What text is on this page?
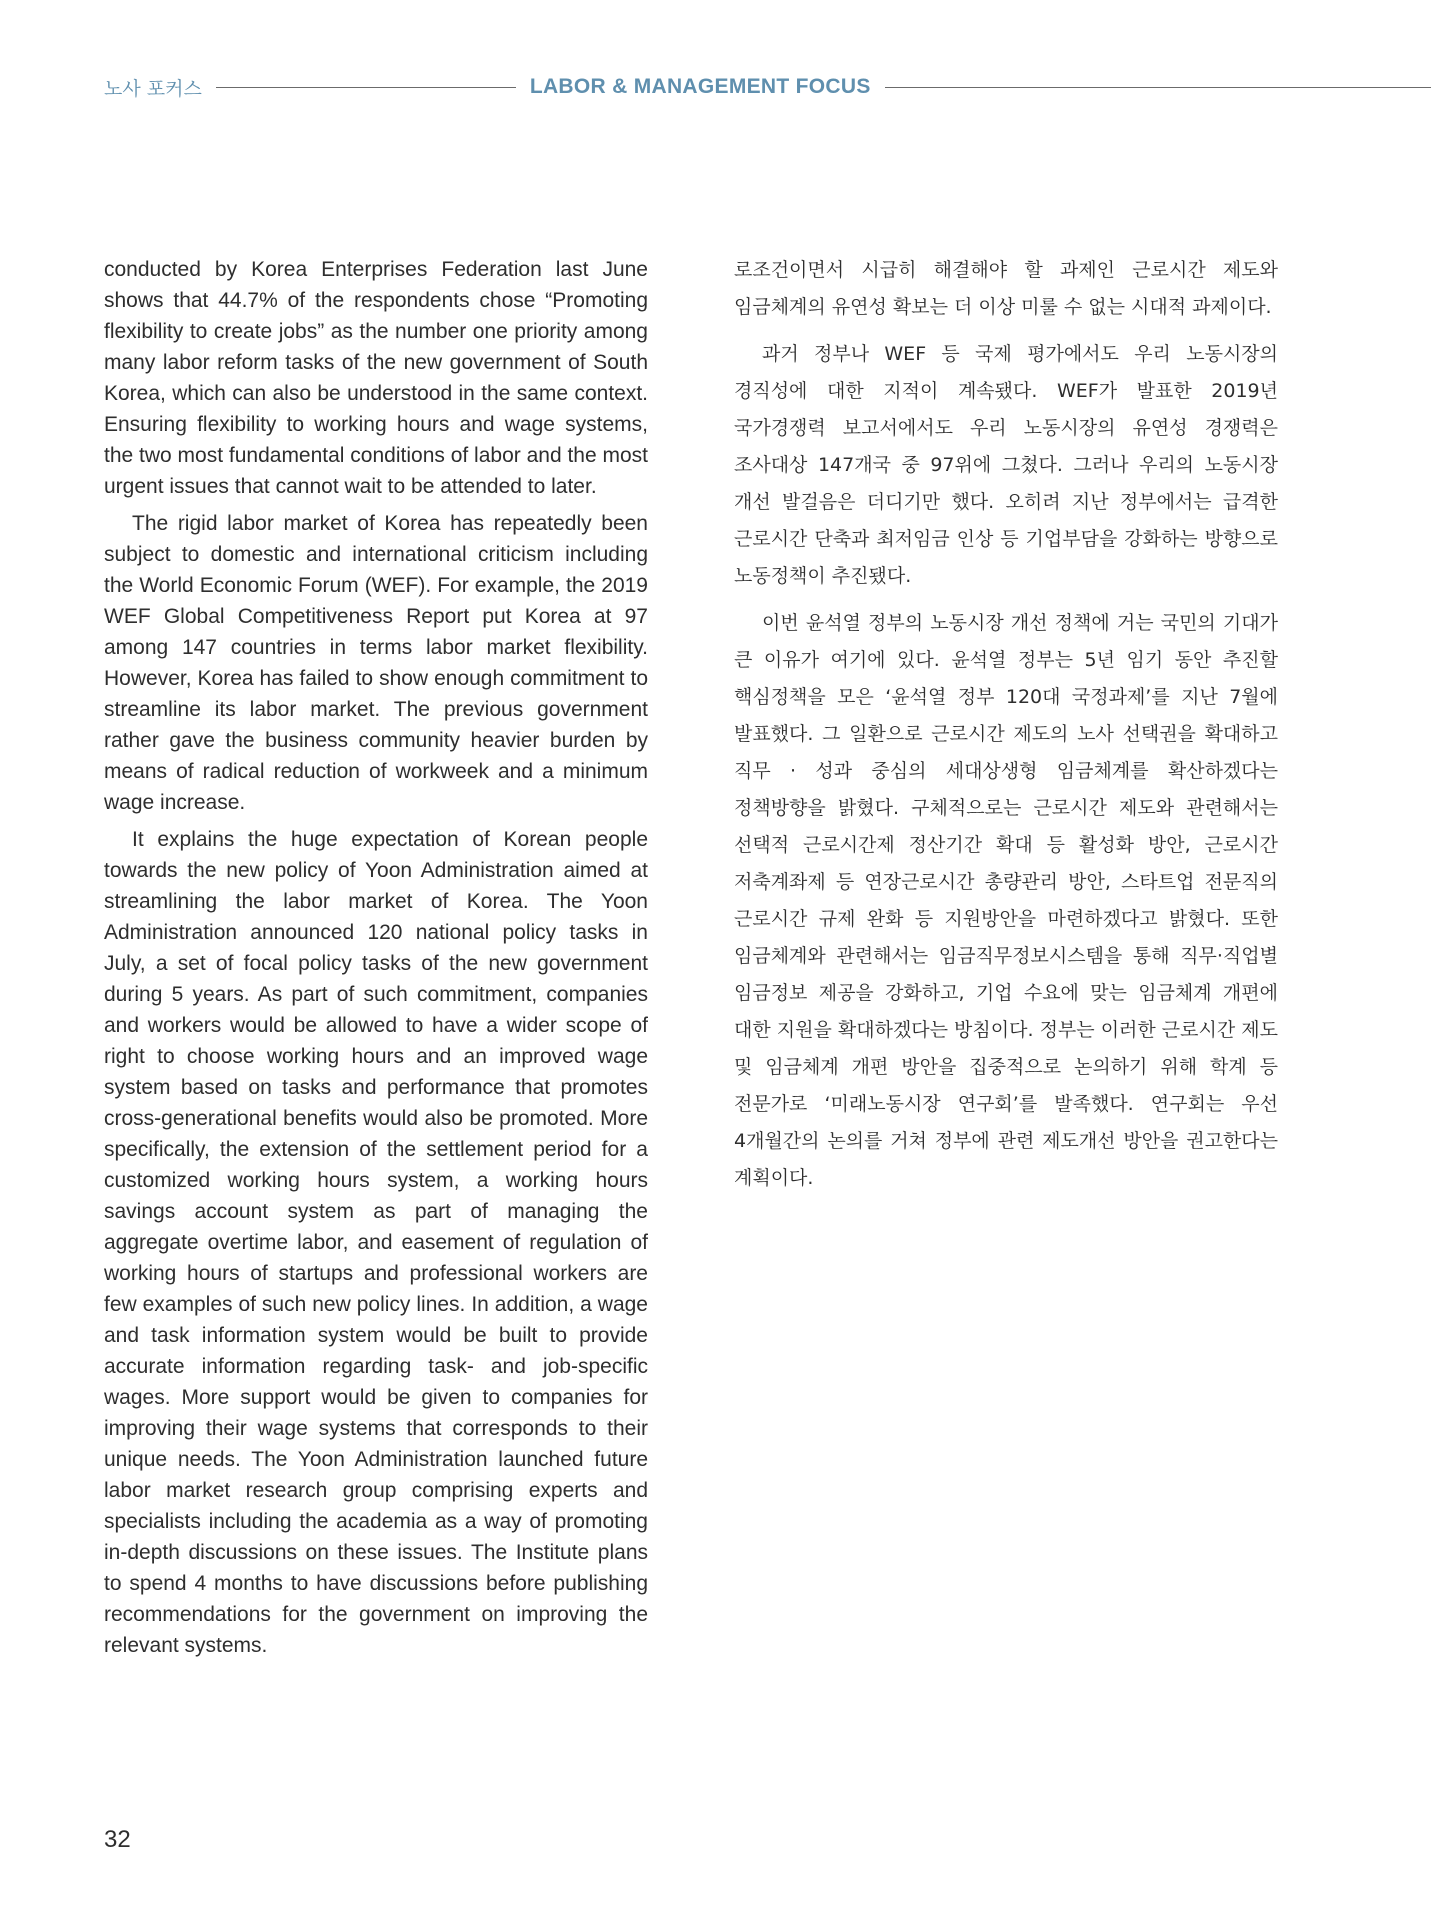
노사 포커스	LABOR & MANAGEMENT FOCUS

conducted by Korea Enterprises Federation last June shows that 44.7% of the respondents chose “Promoting flexibility to create jobs” as the number one priority among many labor reform tasks of the new government of South Korea, which can also be understood in the same context. Ensuring flexibility to working hours and wage systems, the two most fundamental conditions of labor and the most urgent issues that cannot wait to be attended to later.

The rigid labor market of Korea has repeatedly been subject to domestic and international criticism including the World Economic Forum (WEF). For example, the 2019 WEF Global Competitiveness Report put Korea at 97 among 147 countries in terms labor market flexibility. However, Korea has failed to show enough commitment to streamline its labor market. The previous government rather gave the business community heavier burden by means of radical reduction of workweek and a minimum wage increase.

It explains the huge expectation of Korean people towards the new policy of Yoon Administration aimed at streamlining the labor market of Korea. The Yoon Administration announced 120 national policy tasks in July, a set of focal policy tasks of the new government during 5 years. As part of such commitment, companies and workers would be allowed to have a wider scope of right to choose working hours and an improved wage system based on tasks and performance that promotes cross-generational benefits would also be promoted. More specifically, the extension of the settlement period for a customized working hours system, a working hours savings account system as part of managing the aggregate overtime labor, and easement of regulation of working hours of startups and professional workers are few examples of such new policy lines. In addition, a wage and task information system would be built to provide accurate information regarding task- and job-specific wages. More support would be given to companies for improving their wage systems that corresponds to their unique needs. The Yoon Administration launched future labor market research group comprising experts and specialists including the academia as a way of promoting in-depth discussions on these issues. The Institute plans to spend 4 months to have discussions before publishing recommendations for the government on improving the relevant systems.

로조건이면서 시급히 해결해야 할 과제인 근로시간 제도와 임금체계의 유연성 확보는 더 이상 미룰 수 없는 시대적 과제이다.

과거 정부나 WEF 등 국제 평가에서도 우리 노동시장의 경직성에 대한 지적이 계속됐다. WEF가 발표한 2019년 국가경쟁력 보고서에서도 우리 노동시장의 유연성 경쟁력은 조사대상 147개국 중 97위에 그쳤다. 그러나 우리의 노동시장 개선 발걸음은 더디기만 했다. 오히려 지난 정부에서는 급격한 근로시간 단축과 최저임금 인상 등 기업부담을 강화하는 방향으로 노동정책이 추진됐다.

이번 윤석열 정부의 노동시장 개선 정책에 거는 국민의 기대가 큰 이유가 여기에 있다. 윤석열 정부는 5년 임기 동안 추진할 핵심정책을 모은 ‘윤석열 정부 120대 국정과제’를 지난 7월에 발표했다. 그 일환으로 근로시간 제도의 노사 선택권을 확대하고 직무 · 성과 중심의 세대상생형 임금체계를 확산하겠다는 정책방향을 밝혔다. 구체적으로는 근로시간 제도와 관련해서는 선택적 근로시간제 정산기간 확대 등 활성화 방안, 근로시간 저축계좌제 등 연장근로시간 총량관리 방안, 스타트업 전문직의 근로시간 규제 완화 등 지원방안을 마련하겠다고 밝혔다. 또한 임금체계와 관련해서는 임금직무정보시스템을 통해 직무·직업별 임금정보 제공을 강화하고, 기업 수요에 맞는 임금체계 개편에 대한 지원을 확대하겠다는 방침이다. 정부는 이러한 근로시간 제도 및 임금체계 개편 방안을 집중적으로 논의하기 위해 학계 등 전문가로 ‘미래노동시장 연구회’를 발족했다. 연구회는 우선 4개월간의 논의를 거쳐 정부에 관련 제도개선 방안을 권고한다는 계획이다.

32
